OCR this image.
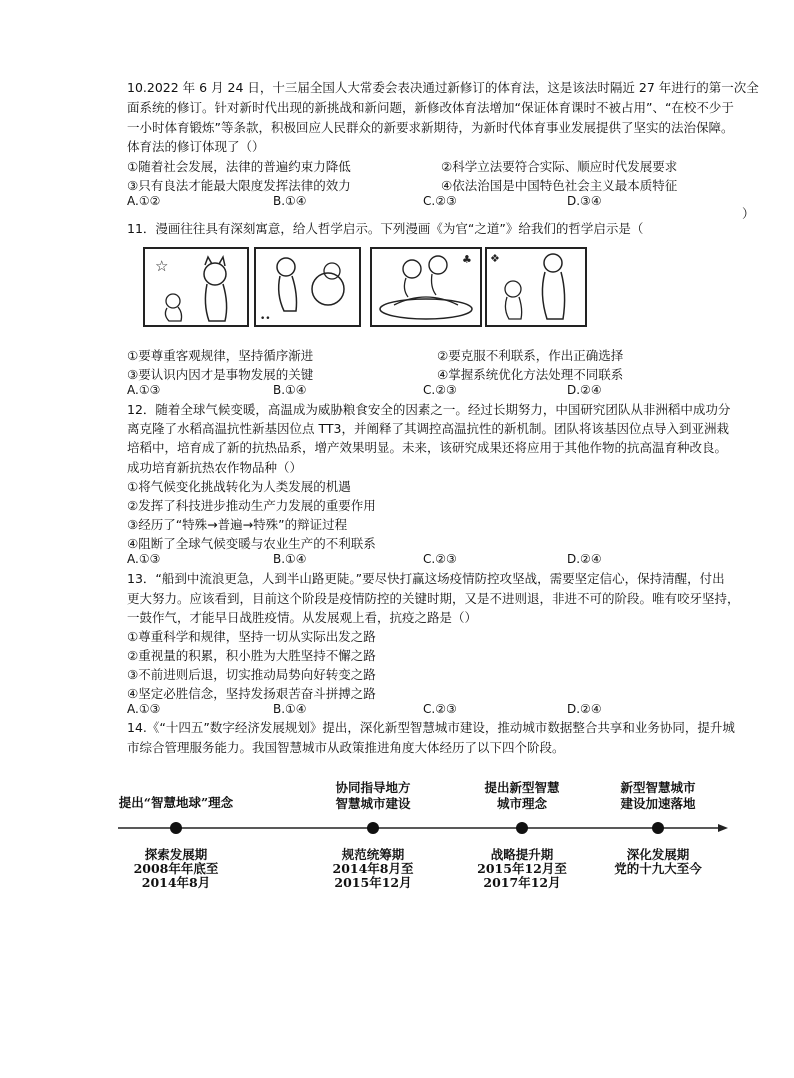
10.2022 年 6 月 24 日，十三届全国人大常委会表决通过新修订的体育法，这是该法时隔近 27 年进行的第一次全
面系统的修订。针对新时代出现的新挑战和新问题，新修改体育法增加“保证体育课时不被占用”、“在校不少于
一小时体育锻炼”等条款，积极回应人民群众的新要求新期待，为新时代体育事业发展提供了坚实的法治保障。
体育法的修订体现了（）
①随着社会发展，法律的普遍约束力降低	②科学立法要符合实际、顺应时代发展要求
③只有良法才能最大限度发挥法律的效力	④依法治国是中国特色社会主义最本质特征
A.①②	B.①④	C.②③	D.③④
）
11．漫画往往具有深刻寓意，给人哲学启示。下列漫画《为官“之道”》给我们的哲学启示是（
☆
••
♣ ❖
①要尊重客观规律，坚持循序渐进	②要克服不利联系，作出正确选择
③要认识内因才是事物发展的关键	④掌握系统优化方法处理不同联系
A.①③	B.①④	C.②③	D.②④
12．随着全球气候变暖，高温成为威胁粮食安全的因素之一。经过长期努力，中国研究团队从非洲稻中成功分
离克隆了水稻高温抗性新基因位点 TT3，并阐释了其调控高温抗性的新机制。团队将该基因位点导入到亚洲栽
培稻中，培育成了新的抗热品系，增产效果明显。未来，该研究成果还将应用于其他作物的抗高温育种改良。
成功培育新抗热农作物品种（）
①将气候变化挑战转化为人类发展的机遇
②发挥了科技进步推动生产力发展的重要作用
③经历了“特殊→普遍→特殊”的辩证过程
④阻断了全球气候变暖与农业生产的不利联系
A.①③	B.①④	C.②③	D.②④
13．“船到中流浪更急，人到半山路更陡。”要尽快打赢这场疫情防控攻坚战，需要坚定信心，保持清醒，付出
更大努力。应该看到，目前这个阶段是疫情防控的关键时期，又是不进则退，非进不可的阶段。唯有咬牙坚持，
一鼓作气，才能早日战胜疫情。从发展观上看，抗疫之路是（）
①尊重科学和规律，坚持一切从实际出发之路
②重视量的积累，积小胜为大胜坚持不懈之路
③不前进则后退，切实推动局势向好转变之路
④坚定必胜信念，坚持发扬艰苦奋斗拼搏之路
A.①③	B.①④	C.②③	D.②④
14.《“十四五”数字经济发展规划》提出，深化新型智慧城市建设，推动城市数据整合共享和业务协同，提升城
市综合管理服务能力。我国智慧城市从政策推进角度大体经历了以下四个阶段。
提出“智慧地球”理念
探索发展期
2008年年底至
2014年8月
协同指导地方
智慧城市建设
规范统筹期
2014年8月至
2015年12月
提出新型智慧
城市理念
战略提升期
2015年12月至
2017年12月
新型智慧城市
建设加速落地
深化发展期
党的十九大至今
